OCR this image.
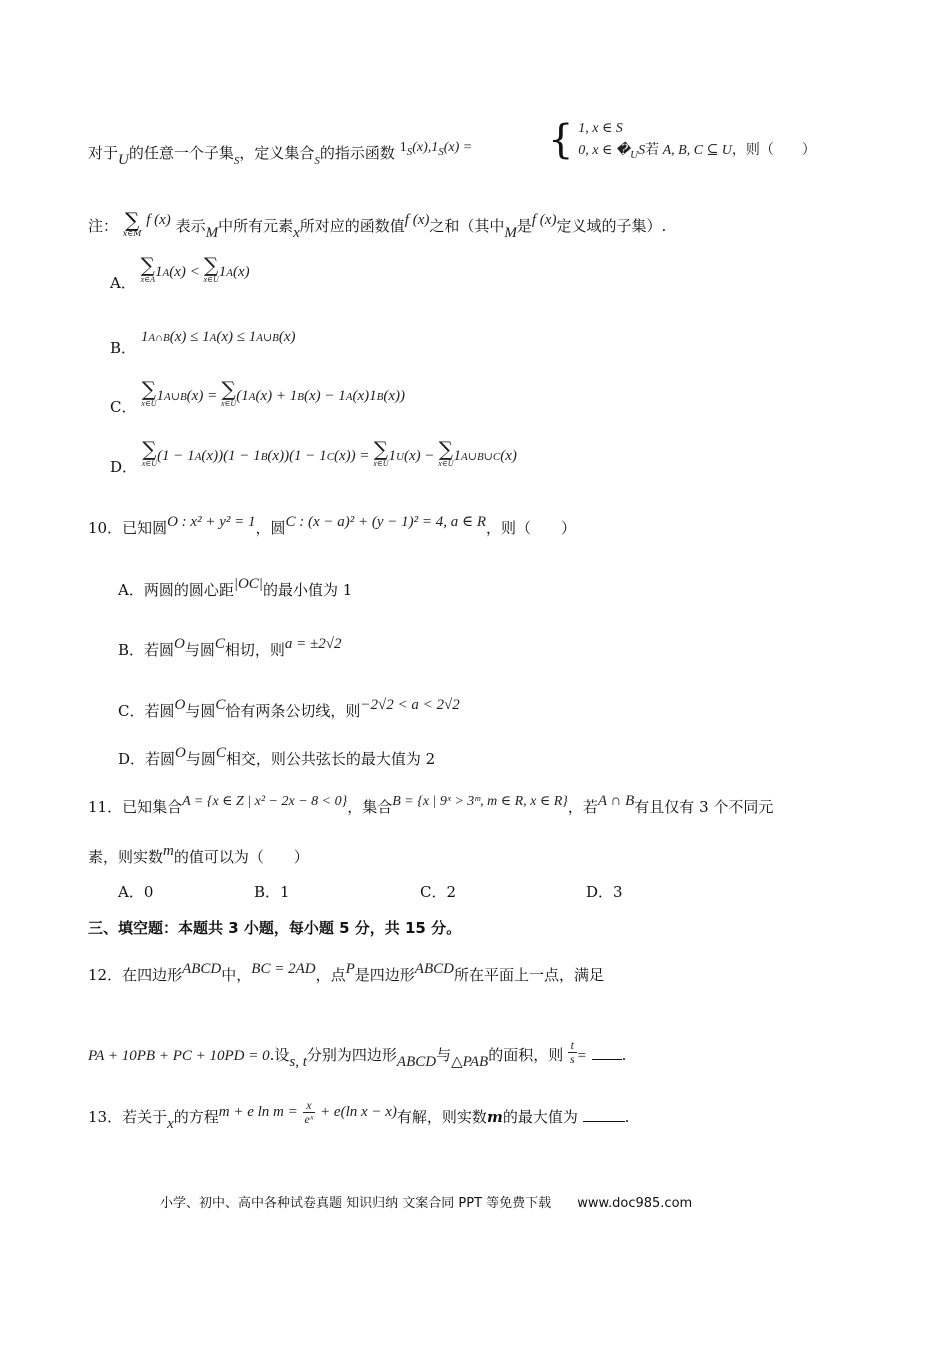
对于U的任意一个子集$_S$，定义集合$_S$的指示函数 $1_S(x),1_S(x)$ = { 1, x ∈ S
0, x ∈ $�_US$若 A, B, C ⊆ U，则（　　）
注： ∑
x∈M
f (x) 表示M中所有元素x所对应的函数值f (x)之和（其中M是f (x)定义域的子集）.
A． ∑
x∈A 1A(x) < ∑
x∈U 1A(x)
B． 1A∩B(x) ≤ 1A(x) ≤ 1A∪B(x)
C． ∑
x∈U 1A∪B(x) = ∑
x∈U (1A(x) + 1B(x) − 1A(x)1B(x))
D． ∑
x∈U (1 − 1A(x))(1 − 1B(x))(1 − 1C(x)) = ∑
x∈U 1U(x) − ∑
x∈U 1A∪B∪C(x)
10．已知圆O : x² + y² = 1，圆C : (x − a)² + (y − 1)² = 4, a ∈ R，则（　　）
A．两圆的圆心距|OC|的最小值为 1
B．若圆O与圆C相切，则a = ±2√2
C．若圆O与圆C恰有两条公切线，则−2√2 < a < 2√2
D．若圆O与圆C相交，则公共弦长的最大值为 2
11．已知集合A = {x ∈ Z | x² − 2x − 8 < 0}，集合B = {x | 9ˣ > 3ᵐ, m ∈ R, x ∈ R}，若A ∩ B有且仅有 3 个不同元
素，则实数m的值可以为（　　）
A．0	B．1	C．2	D．3
三、填空题：本题共 3 小题，每小题 5 分，共 15 分。
12．在四边形ABCD中，BC = 2AD，点P是四边形ABCD所在平面上一点，满足
PA + 10PB + PC + 10PD = 0.设s, t分别为四边形ABCD与△PAB的面积，则 $\frac{t}{s}$ = .
13．若关于x的方程m + e $\ln m = \frac{x}{\text{eˣ}} + e(\ln$ x − x)有解，则实数m的最大值为	.
小学、初中、高中各种试卷真题 知识归纳 文案合同 PPT 等免费下载 www.doc985.com
